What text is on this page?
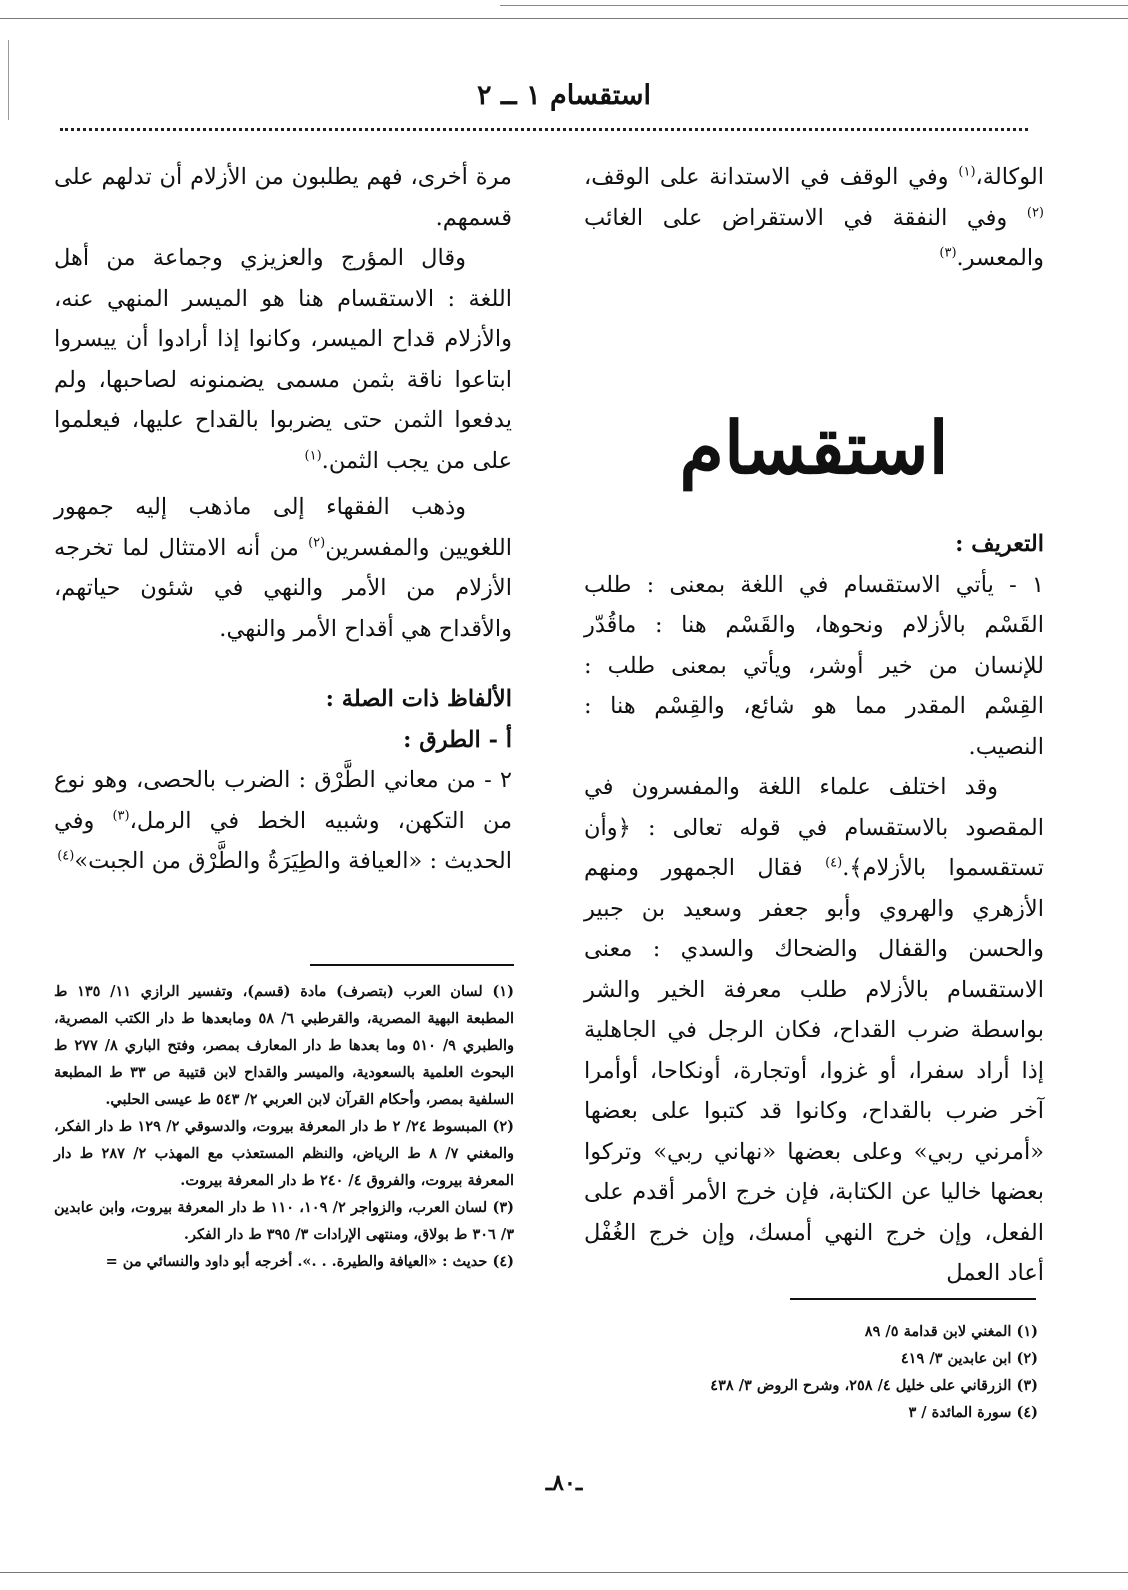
استقسام ١ ــ ٢

الوكالة،$^{(١)}$ وفي الوقف في الاستدانة على الوقف،$^{(٢)}$ وفي النفقة في الاستقراض على الغائب والمعسر.$^{(٣)}$

استقسام

التعريف :

١ - يأتي الاستقسام في اللغة بمعنى : طلب القَسْم بالأزلام ونحوها، والقَسْم هنا : ماقُدّر للإنسان من خير أوشر، ويأتي بمعنى طلب : القِسْم المقدر مما هو شائع، والقِسْم هنا : النصيب.

وقد اختلف علماء اللغة والمفسرون في المقصود بالاستقسام في قوله تعالى : ﴿وأن تستقسموا بالأزلام﴾.$^{(٤)}$ فقال الجمهور ومنهم الأزهري والهروي وأبو جعفر وسعيد بن جبير والحسن والقفال والضحاك والسدي : معنى الاستقسام بالأزلام طلب معرفة الخير والشر بواسطة ضرب القداح، فكان الرجل في الجاهلية إذا أراد سفرا، أو غزوا، أوتجارة، أونكاحا، أوأمرا آخر ضرب بالقداح، وكانوا قد كتبوا على بعضها «أمرني ربي» وعلى بعضها «نهاني ربي» وتركوا بعضها خاليا عن الكتابة، فإن خرج الأمر أقدم على الفعل، وإن خرج النهي أمسك، وإن خرج الغُفْل أعاد العمل

(١) المغني لابن قدامة ٥/ ٨٩

(٢) ابن عابدين ٣/ ٤١٩

(٣) الزرقاني على خليل ٤/ ٢٥٨، وشرح الروض ٣/ ٤٣٨

(٤) سورة المائدة / ٣

مرة أخرى، فهم يطلبون من الأزلام أن تدلهم على قسمهم.

وقال المؤرج والعزيزي وجماعة من أهل اللغة : الاستقسام هنا هو الميسر المنهي عنه، والأزلام قداح الميسر، وكانوا إذا أرادوا أن ييسروا ابتاعوا ناقة بثمن مسمى يضمنونه لصاحبها، ولم يدفعوا الثمن حتى يضربوا بالقداح عليها، فيعلموا على من يجب الثمن.$^{(١)}$

وذهب الفقهاء إلى ماذهب إليه جمهور اللغويين والمفسرين$^{(٢)}$ من أنه الامتثال لما تخرجه الأزلام من الأمر والنهي في شئون حياتهم، والأقداح هي أقداح الأمر والنهي.

الألفاظ ذات الصلة :

أ - الطرق :

٢ - من معاني الطَّرْق : الضرب بالحصى، وهو نوع من التكهن، وشبيه الخط في الرمل،$^{(٣)}$ وفي الحديث : «العيافة والطِيَرَةُ والطَّرْق من الجبت»$^{(٤)}$

(١) لسان العرب (بتصرف) مادة (قسم)، وتفسير الرازي ١١/ ١٣٥ ط المطبعة البهية المصرية، والقرطبي ٦/ ٥٨ ومابعدها ط دار الكتب المصرية، والطبري ٩/ ٥١٠ وما بعدها ط دار المعارف بمصر، وفتح الباري ٨/ ٢٧٧ ط البحوث العلمية بالسعودية، والميسر والقداح لابن قتيبة ص ٣٣ ط المطبعة السلفية بمصر، وأحكام القرآن لابن العربي ٢/ ٥٤٣ ط عيسى الحلبي.

(٢) المبسوط ٢٤/ ٢ ط دار المعرفة بيروت، والدسوقي ٢/ ١٢٩ ط دار الفكر، والمغني ٧/ ٨ ط الرياض، والنظم المستعذب مع المهذب ٢/ ٢٨٧ ط دار المعرفة بيروت، والفروق ٤/ ٢٤٠ ط دار المعرفة بيروت.

(٣) لسان العرب، والزواجر ٢/ ١٠٩، ١١٠ ط دار المعرفة بيروت، وابن عابدين ٣/ ٣٠٦ ط بولاق، ومنتهى الإرادات ٣/ ٣٩٥ ط دار الفكر.

(٤) حديث : «العيافة والطيرة. . .». أخرجه أبو داود والنسائي من =

ـ٨٠ـ
